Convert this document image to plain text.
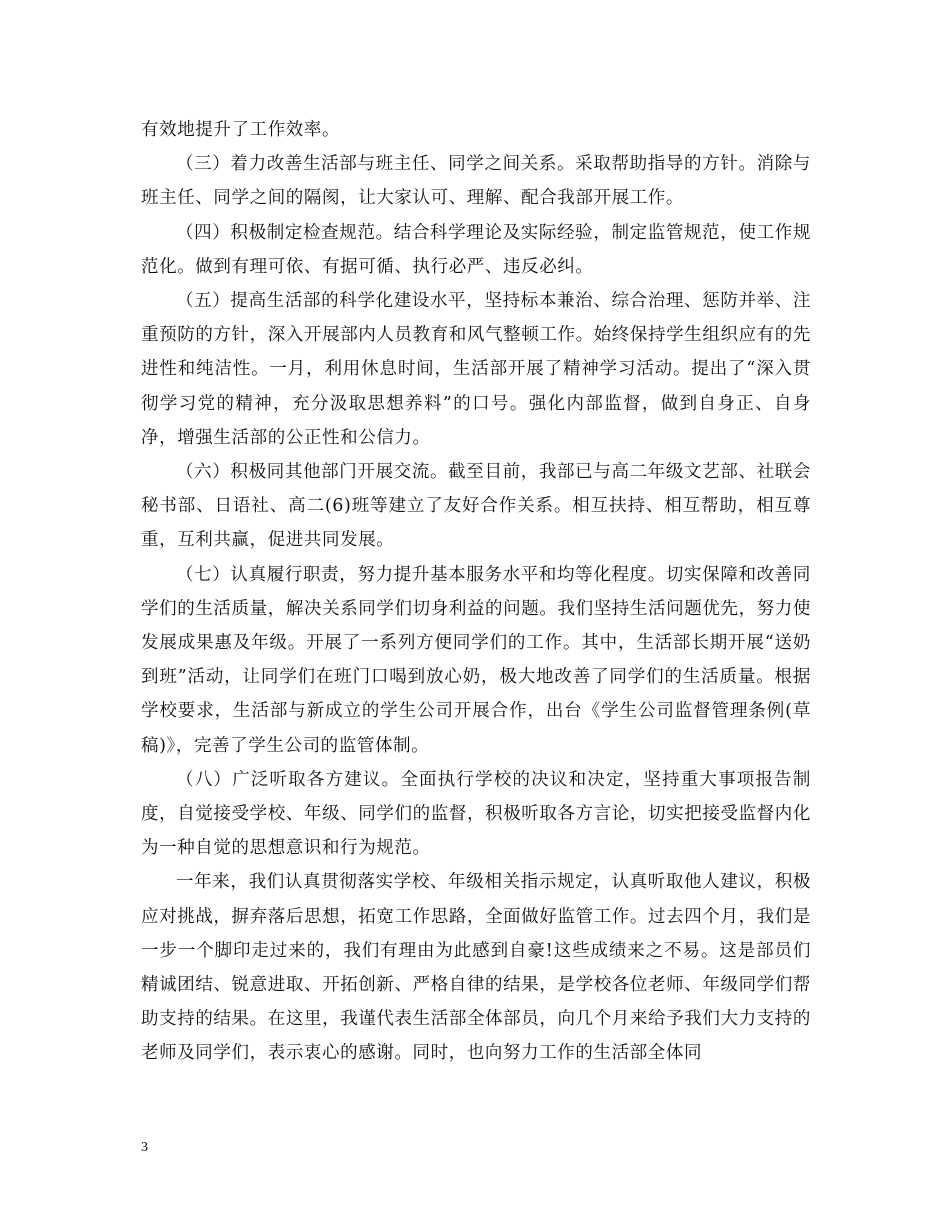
有效地提升了工作效率。

（三）着力改善生活部与班主任、同学之间关系。采取帮助指导的方针。消除与班主任、同学之间的隔阂，让大家认可、理解、配合我部开展工作。

（四）积极制定检查规范。结合科学理论及实际经验，制定监管规范，使工作规范化。做到有理可依、有据可循、执行必严、违反必纠。

（五）提高生活部的科学化建设水平，坚持标本兼治、综合治理、惩防并举、注重预防的方针，深入开展部内人员教育和风气整顿工作。始终保持学生组织应有的先进性和纯洁性。一月，利用休息时间，生活部开展了精神学习活动。提出了“深入贯彻学习党的精神，充分汲取思想养料”的口号。强化内部监督，做到自身正、自身净，增强生活部的公正性和公信力。

（六）积极同其他部门开展交流。截至目前，我部已与高二年级文艺部、社联会秘书部、日语社、高二(6)班等建立了友好合作关系。相互扶持、相互帮助，相互尊重，互利共赢，促进共同发展。

（七）认真履行职责，努力提升基本服务水平和均等化程度。切实保障和改善同学们的生活质量，解决关系同学们切身利益的问题。我们坚持生活问题优先，努力使发展成果惠及年级。开展了一系列方便同学们的工作。其中，生活部长期开展“送奶到班”活动，让同学们在班门口喝到放心奶，极大地改善了同学们的生活质量。根据学校要求，生活部与新成立的学生公司开展合作，出台《学生公司监督管理条例(草稿)》，完善了学生公司的监管体制。

（八）广泛听取各方建议。全面执行学校的决议和决定，坚持重大事项报告制度，自觉接受学校、年级、同学们的监督，积极听取各方言论，切实把接受监督内化为一种自觉的思想意识和行为规范。

一年来，我们认真贯彻落实学校、年级相关指示规定，认真听取他人建议，积极应对挑战，摒弃落后思想，拓宽工作思路，全面做好监管工作。过去四个月，我们是一步一个脚印走过来的，我们有理由为此感到自豪!这些成绩来之不易。这是部员们精诚团结、锐意进取、开拓创新、严格自律的结果，是学校各位老师、年级同学们帮助支持的结果。在这里，我谨代表生活部全体部员，向几个月来给予我们大力支持的老师及同学们，表示衷心的感谢。同时，也向努力工作的生活部全体同

3
